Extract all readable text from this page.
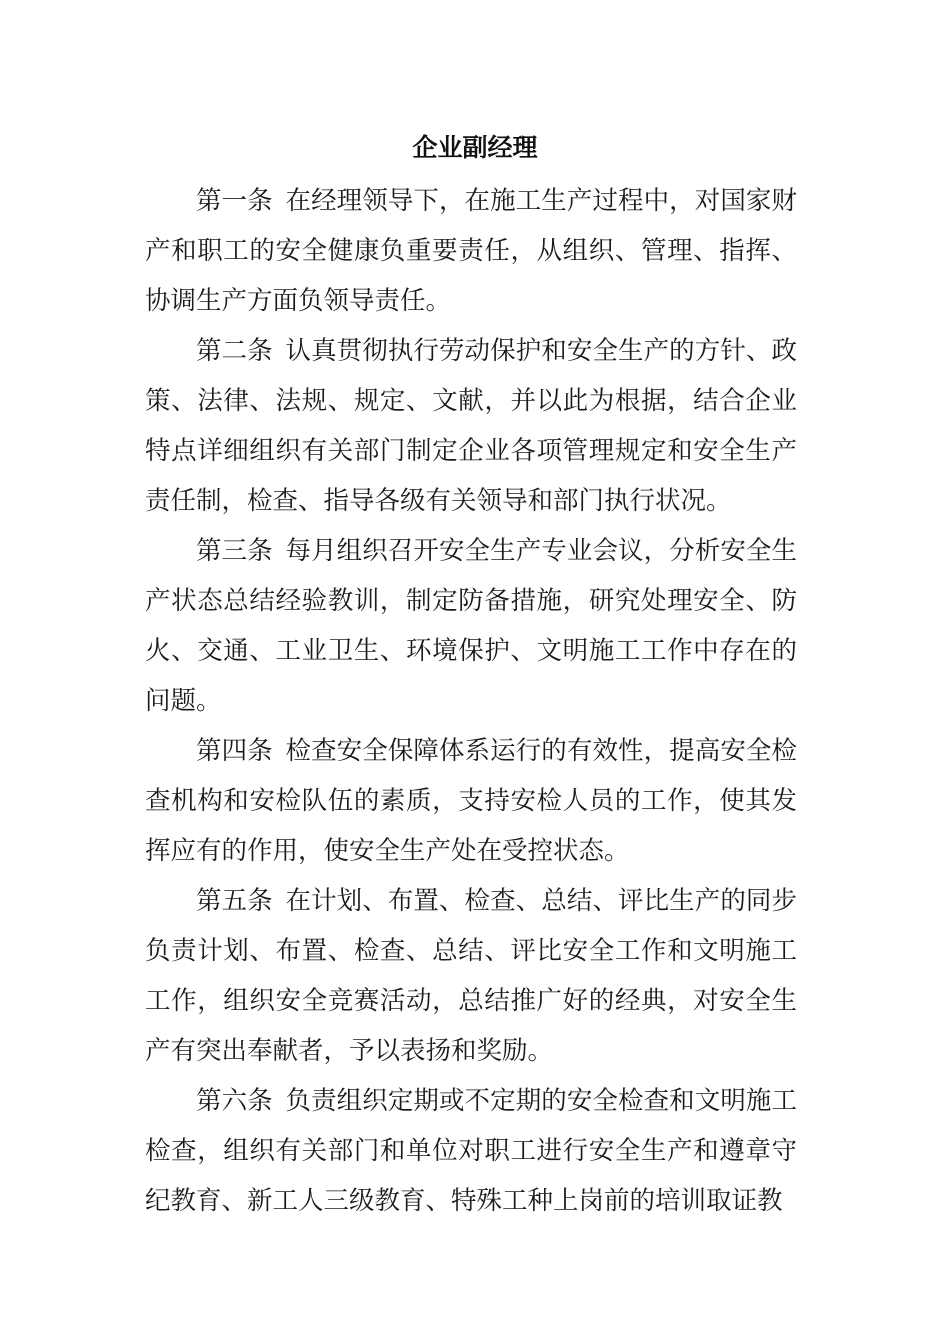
企业副经理

第一条 在经理领导下，在施工生产过程中，对国家财产和职工的安全健康负重要责任，从组织、管理、指挥、协调生产方面负领导责任。

第二条 认真贯彻执行劳动保护和安全生产的方针、政策、法律、法规、规定、文献，并以此为根据，结合企业特点详细组织有关部门制定企业各项管理规定和安全生产责任制，检查、指导各级有关领导和部门执行状况。

第三条 每月组织召开安全生产专业会议，分析安全生产状态总结经验教训，制定防备措施，研究处理安全、防火、交通、工业卫生、环境保护、文明施工工作中存在的问题。

第四条 检查安全保障体系运行的有效性，提高安全检查机构和安检队伍的素质，支持安检人员的工作，使其发挥应有的作用，使安全生产处在受控状态。

第五条 在计划、布置、检查、总结、评比生产的同步负责计划、布置、检查、总结、评比安全工作和文明施工工作，组织安全竞赛活动，总结推广好的经典，对安全生产有突出奉献者，予以表扬和奖励。

第六条 负责组织定期或不定期的安全检查和文明施工检查，组织有关部门和单位对职工进行安全生产和遵章守纪教育、新工人三级教育、特殊工种上岗前的培训取证教
